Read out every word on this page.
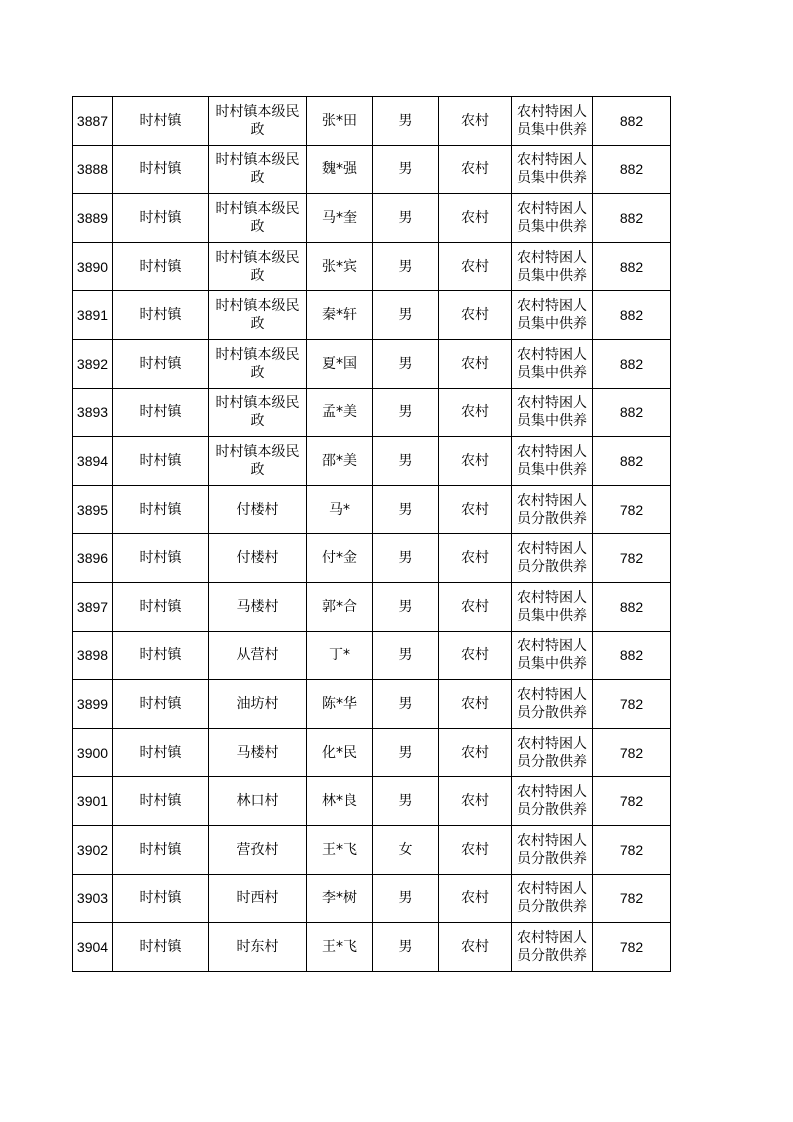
3887	时村镇	时村镇本级民政	张*田	男	农村	农村特困人员集中供养	882
3888	时村镇	时村镇本级民政	魏*强	男	农村	农村特困人员集中供养	882
3889	时村镇	时村镇本级民政	马*奎	男	农村	农村特困人员集中供养	882
3890	时村镇	时村镇本级民政	张*宾	男	农村	农村特困人员集中供养	882
3891	时村镇	时村镇本级民政	秦*轩	男	农村	农村特困人员集中供养	882
3892	时村镇	时村镇本级民政	夏*国	男	农村	农村特困人员集中供养	882
3893	时村镇	时村镇本级民政	孟*美	男	农村	农村特困人员集中供养	882
3894	时村镇	时村镇本级民政	邵*美	男	农村	农村特困人员集中供养	882
3895	时村镇	付楼村	马*	男	农村	农村特困人员分散供养	782
3896	时村镇	付楼村	付*金	男	农村	农村特困人员分散供养	782
3897	时村镇	马楼村	郭*合	男	农村	农村特困人员集中供养	882
3898	时村镇	从营村	丁*	男	农村	农村特困人员集中供养	882
3899	时村镇	油坊村	陈*华	男	农村	农村特困人员分散供养	782
3900	时村镇	马楼村	化*民	男	农村	农村特困人员分散供养	782
3901	时村镇	林口村	林*良	男	农村	农村特困人员分散供养	782
3902	时村镇	营孜村	王*飞	女	农村	农村特困人员分散供养	782
3903	时村镇	时西村	李*树	男	农村	农村特困人员分散供养	782
3904	时村镇	时东村	王*飞	男	农村	农村特困人员分散供养	782
